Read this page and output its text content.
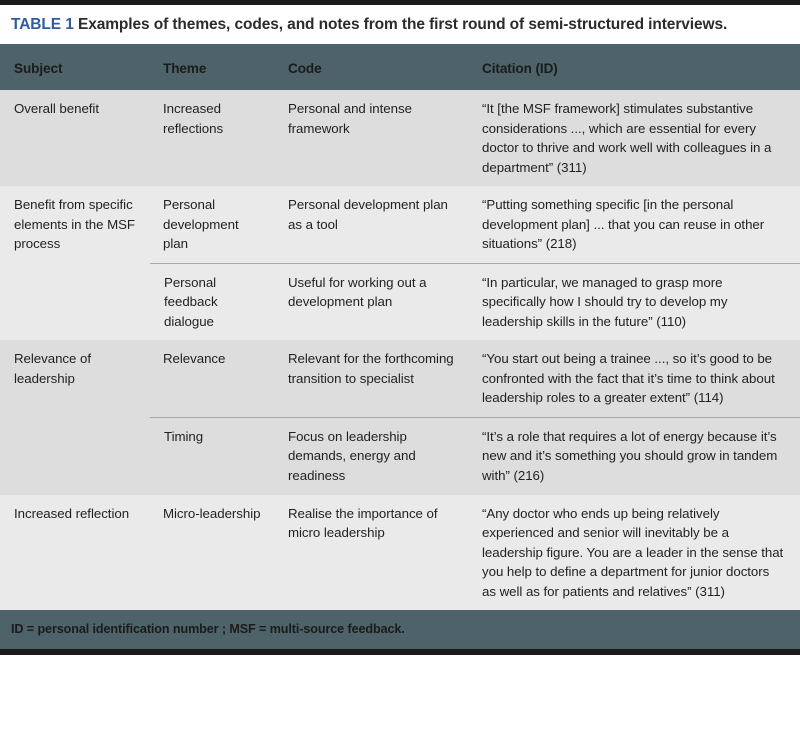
TABLE 1 Examples of themes, codes, and notes from the first round of semi-structured interviews.
Subject	Theme	Code	Citation (ID)
Overall benefit	Increased reflections	Personal and intense framework	“It [the MSF framework] stimulates substantive considerations ..., which are essential for every doctor to thrive and work well with colleagues in a department” (311)
Benefit from specific elements in the MSF process	Personal development plan	Personal development plan as a tool	“Putting something specific [in the personal development plan] ... that you can reuse in other situations” (218)
	Personal feedback dialogue	Useful for working out a development plan	“In particular, we managed to grasp more specifically how I should try to develop my leadership skills in the future” (110)
Relevance of leadership	Relevance	Relevant for the forthcoming transition to specialist	“You start out being a trainee ..., so it’s good to be confronted with the fact that it’s time to think about leadership roles to a greater extent” (114)
	Timing	Focus on leadership demands, energy and readiness	“It’s a role that requires a lot of energy because it’s new and it’s something you should grow in tandem with” (216)
Increased reflection	Micro-leadership	Realise the importance of micro leadership	“Any doctor who ends up being relatively experienced and senior will inevitably be a leadership figure. You are a leader in the sense that you help to define a department for junior doctors as well as for patients and relatives” (311)
ID = personal identification number ; MSF = multi-source feedback.
